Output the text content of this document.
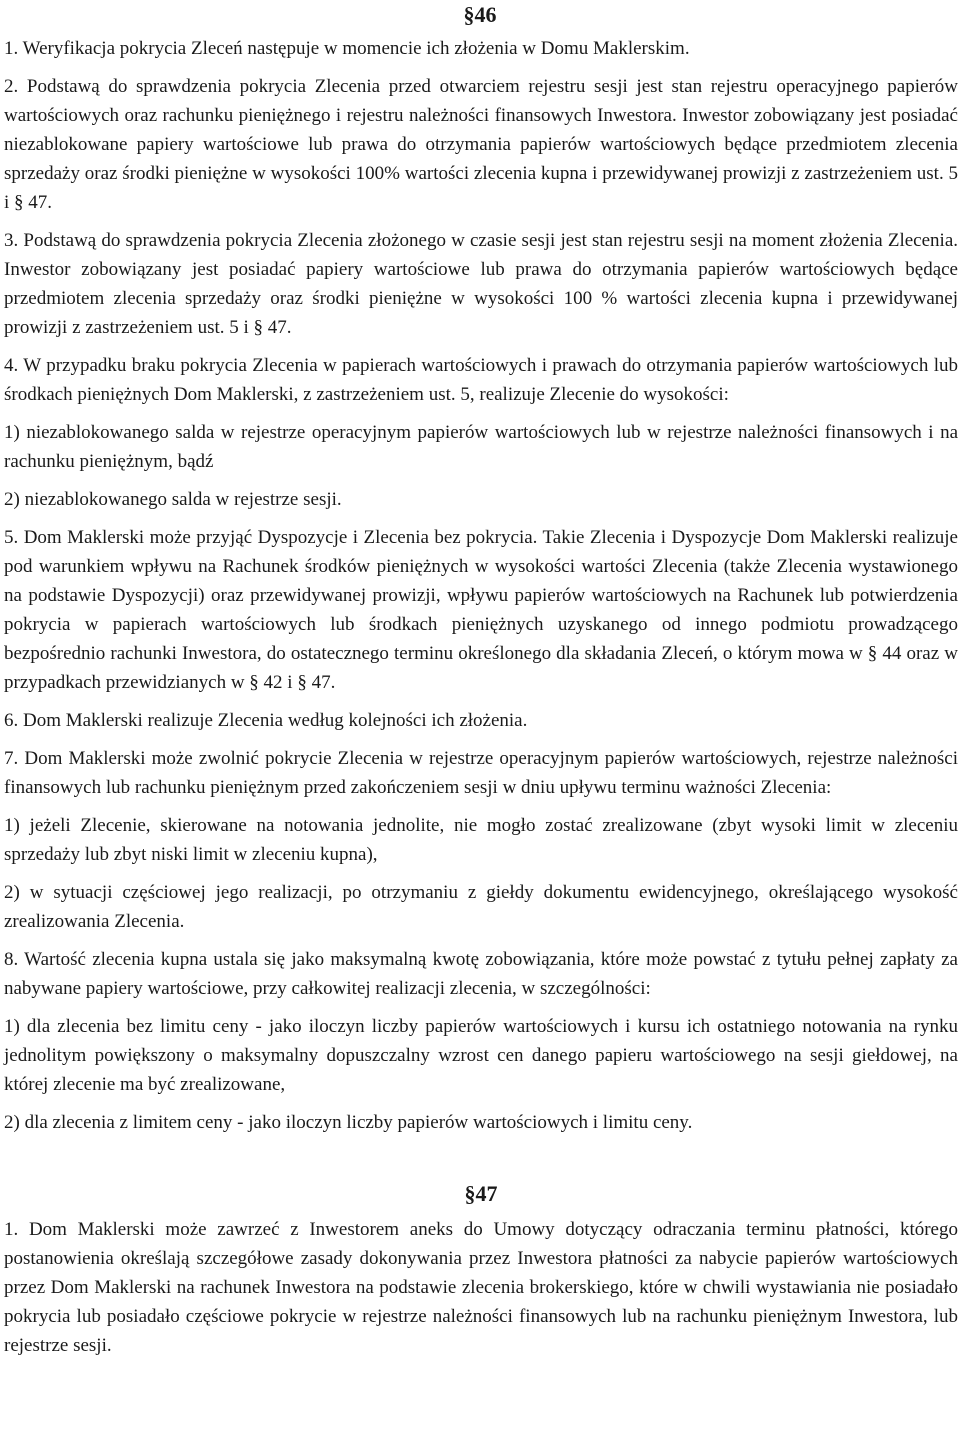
§46

1. Weryfikacja pokrycia Zleceń następuje w momencie ich złożenia w Domu Maklerskim.

2. Podstawą do sprawdzenia pokrycia Zlecenia przed otwarciem rejestru sesji jest stan rejestru operacyjnego papierów wartościowych oraz rachunku pieniężnego i rejestru należności finansowych Inwestora. Inwestor zobowiązany jest posiadać niezablokowane papiery wartościowe lub prawa do otrzymania papierów wartościowych będące przedmiotem zlecenia sprzedaży oraz środki pieniężne w wysokości 100% wartości zlecenia kupna i przewidywanej prowizji z zastrzeżeniem ust. 5 i § 47.

3. Podstawą do sprawdzenia pokrycia Zlecenia złożonego w czasie sesji jest stan rejestru sesji na moment złożenia Zlecenia. Inwestor zobowiązany jest posiadać papiery wartościowe lub prawa do otrzymania papierów wartościowych będące przedmiotem zlecenia sprzedaży oraz środki pieniężne w wysokości 100 % wartości zlecenia kupna i przewidywanej prowizji z zastrzeżeniem ust. 5 i § 47.

4. W przypadku braku pokrycia Zlecenia w papierach wartościowych i prawach do otrzymania papierów wartościowych lub środkach pieniężnych Dom Maklerski, z zastrzeżeniem ust. 5, realizuje Zlecenie do wysokości:

1) niezablokowanego salda w rejestrze operacyjnym papierów wartościowych lub w rejestrze należności finansowych i na rachunku pieniężnym, bądź

2) niezablokowanego salda w rejestrze sesji.

5. Dom Maklerski może przyjąć Dyspozycje i Zlecenia bez pokrycia. Takie Zlecenia i Dyspozycje Dom Maklerski realizuje pod warunkiem wpływu na Rachunek środków pieniężnych w wysokości wartości Zlecenia (także Zlecenia wystawionego na podstawie Dyspozycji) oraz przewidywanej prowizji, wpływu papierów wartościowych na Rachunek lub potwierdzenia pokrycia w papierach wartościowych lub środkach pieniężnych uzyskanego od innego podmiotu prowadzącego bezpośrednio rachunki Inwestora, do ostatecznego terminu określonego dla składania Zleceń, o którym mowa w § 44 oraz w przypadkach przewidzianych w § 42 i § 47.

6. Dom Maklerski realizuje Zlecenia według kolejności ich złożenia.

7. Dom Maklerski może zwolnić pokrycie Zlecenia w rejestrze operacyjnym papierów wartościowych, rejestrze należności finansowych lub rachunku pieniężnym przed zakończeniem sesji w dniu upływu terminu ważności Zlecenia:

1) jeżeli Zlecenie, skierowane na notowania jednolite, nie mogło zostać zrealizowane (zbyt wysoki limit w zleceniu sprzedaży lub zbyt niski limit w zleceniu kupna),

2) w sytuacji częściowej jego realizacji, po otrzymaniu z giełdy dokumentu ewidencyjnego, określającego wysokość zrealizowania Zlecenia.

8. Wartość zlecenia kupna ustala się jako maksymalną kwotę zobowiązania, które może powstać z tytułu pełnej zapłaty za nabywane papiery wartościowe, przy całkowitej realizacji zlecenia, w szczególności:

1) dla zlecenia bez limitu ceny - jako iloczyn liczby papierów wartościowych i kursu ich ostatniego notowania na rynku jednolitym powiększony o maksymalny dopuszczalny wzrost cen danego papieru wartościowego na sesji giełdowej, na której zlecenie ma być zrealizowane,

2) dla zlecenia z limitem ceny - jako iloczyn liczby papierów wartościowych i limitu ceny.

§47

1. Dom Maklerski może zawrzeć z Inwestorem aneks do Umowy dotyczący odraczania terminu płatności, którego postanowienia określają szczegółowe zasady dokonywania przez Inwestora płatności za nabycie papierów wartościowych przez Dom Maklerski na rachunek Inwestora na podstawie zlecenia brokerskiego, które w chwili wystawiania nie posiadało pokrycia lub posiadało częściowe pokrycie w rejestrze należności finansowych lub na rachunku pieniężnym Inwestora, lub rejestrze sesji.
